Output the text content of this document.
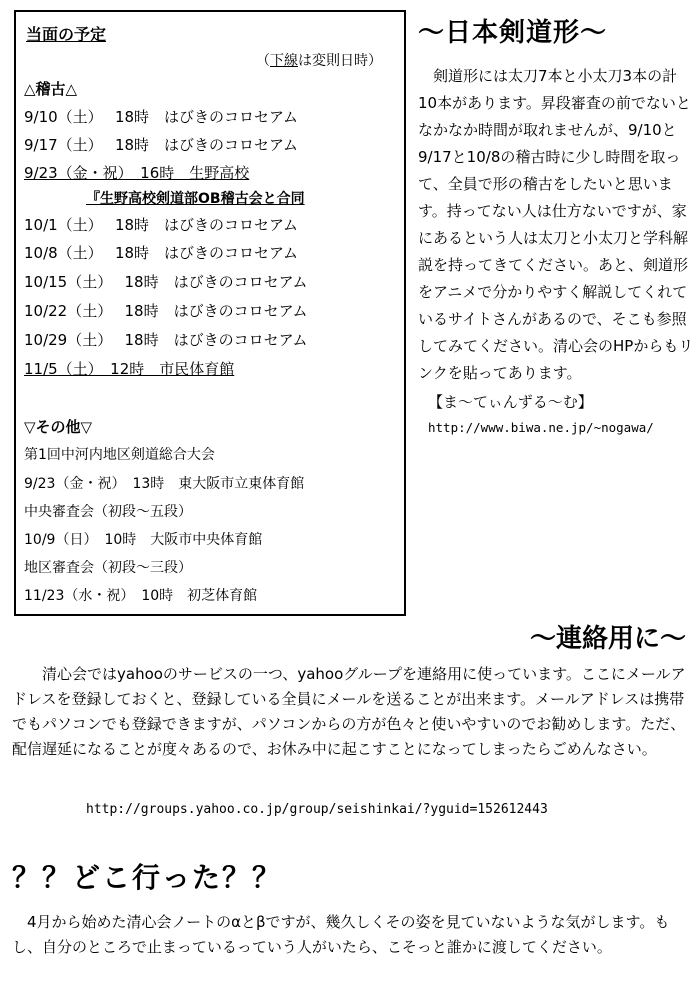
当面の予定
（下線は変則日時）
△稽古△
9/10（土）　 18時　はびきのコロセアム
9/17（土）　 18時　はびきのコロセアム
9/23（金・祝）　16時　生野高校
『生野高校剣道部OB稽古会と合同
10/1（土）　 18時　はびきのコロセアム
10/8（土）　 18時　はびきのコロセアム
10/15（土）　 18時　はびきのコロセアム
10/22（土）　 18時　はびきのコロセアム
10/29（土）　 18時　はびきのコロセアム
11/5（土）　12時　市民体育館
▽その他▽
第1回中河内地区剣道総合大会
9/23（金・祝）　13時　東大阪市立東体育館
中央審査会（初段～五段）
10/9（日）　10時　大阪市中央体育館
地区審査会（初段～三段）
11/23（水・祝）　10時　初芝体育館
～日本剣道形～
剣道形には太刀7本と小太刀3本の計10本があります。昇段審査の前でないとなかなか時間が取れませんが、9/10と9/17と10/8の稽古時に少し時間を取って、全員で形の稽古をしたいと思います。持ってない人は仕方ないですが、家にあるという人は太刀と小太刀と学科解説を持ってきてください。あと、剣道形をアニメで分かりやすく解説してくれているサイトさんがあるので、そこも参照してみてください。清心会のHPからもリンクを貼ってあります。
【ま～てぃんずる～む】
http://www.biwa.ne.jp/~nogawa/
～連絡用に～

清心会ではyahooのサービスの一つ、yahooグループを連絡用に使っています。ここにメールアドレスを登録しておくと、登録している全員にメールを送ることが出来ます。メールアドレスは携帯でもパソコンでも登録できますが、パソコンからの方が色々と使いやすいのでお勧めします。ただ、配信遅延になることが度々あるので、お休み中に起こすことになってしまったらごめんなさい。

http://groups.yahoo.co.jp/group/seishinkai/?yguid=152612443
？？どこ行った？？

4月から始めた清心会ノートのαとβですが、幾久しくその姿を見ていないような気がします。もし、自分のところで止まっているっていう人がいたら、こそっと誰かに渡してください。
